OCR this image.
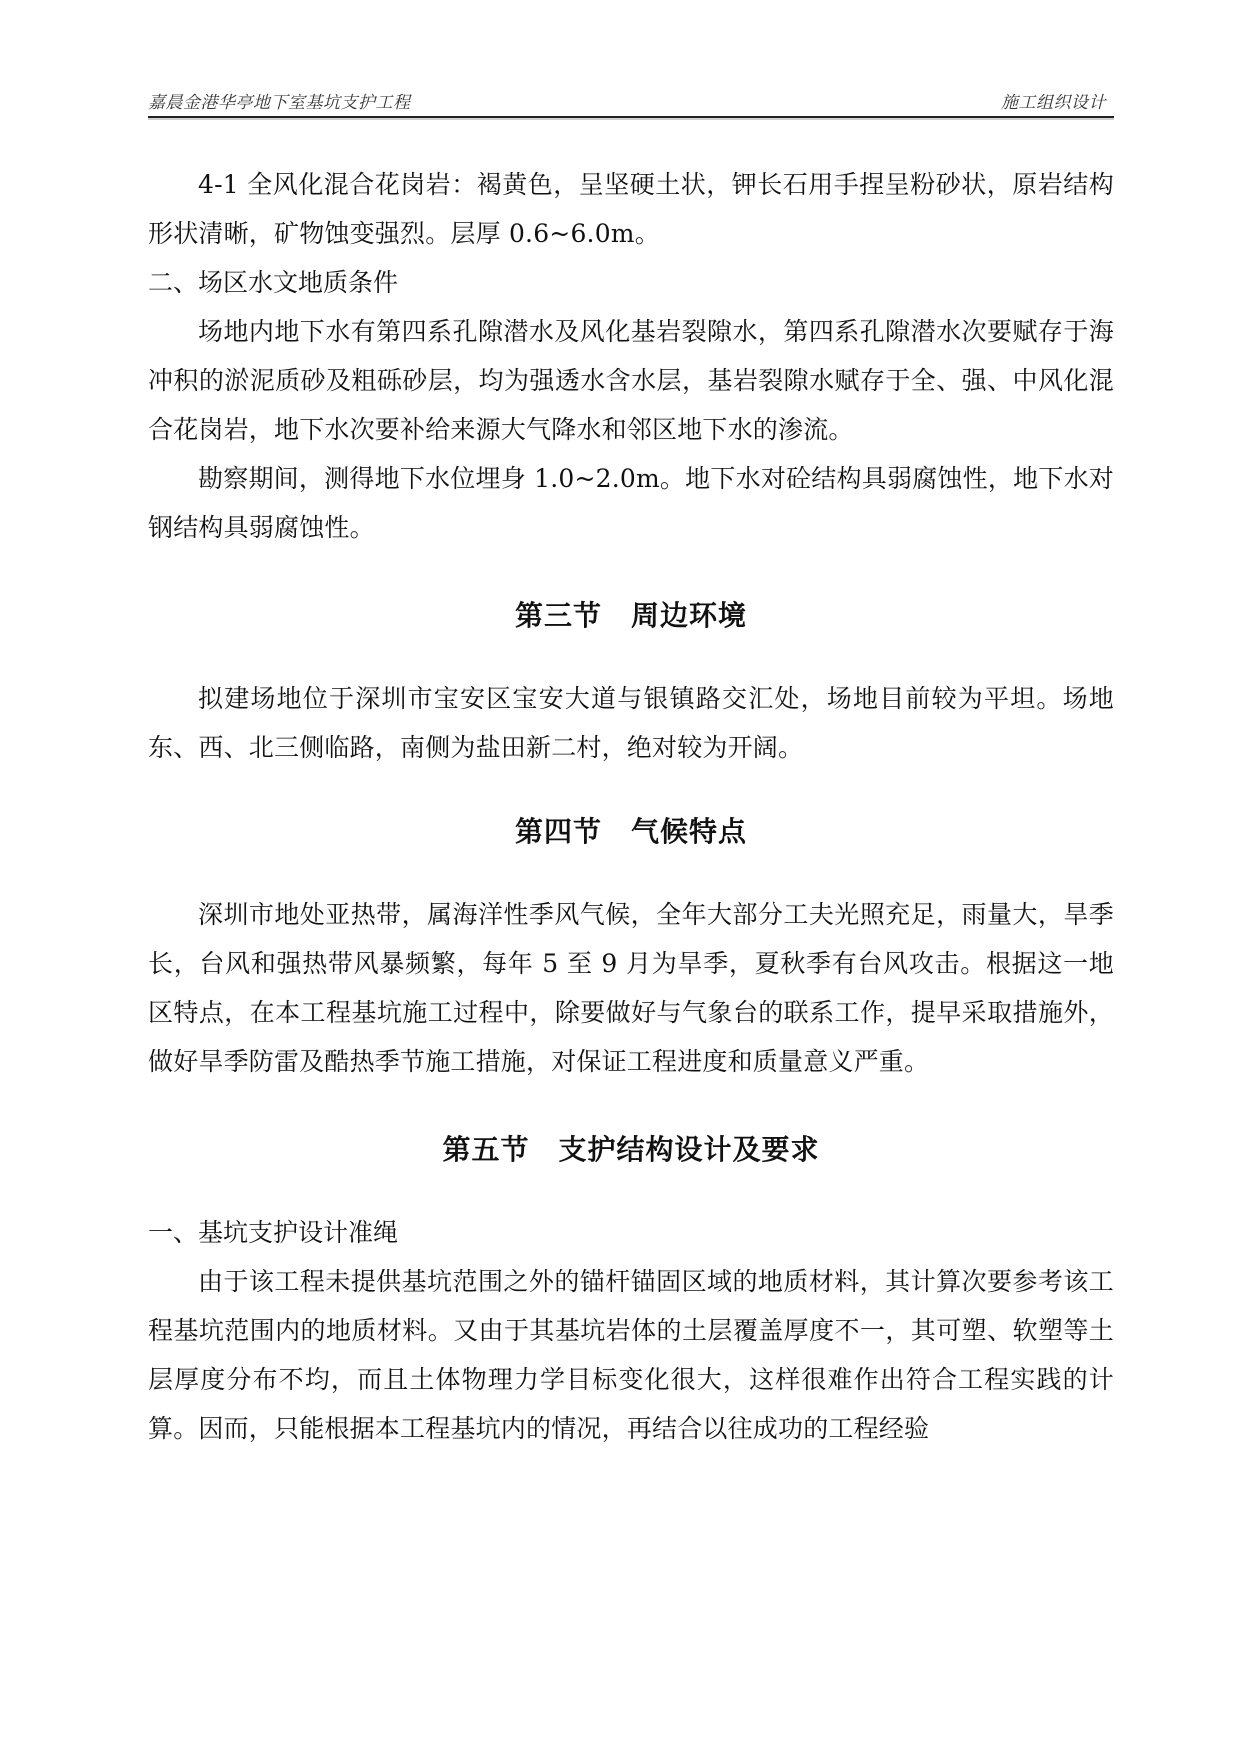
嘉晨金港华亭地下室基坑支护工程	施工组织设计

4-1 全风化混合花岗岩：褐黄色，呈坚硬土状，钾长石用手捏呈粉砂状，原岩结构形状清晰，矿物蚀变强烈。层厚 0.6~6.0m。

二、场区水文地质条件

场地内地下水有第四系孔隙潜水及风化基岩裂隙水，第四系孔隙潜水次要赋存于海冲积的淤泥质砂及粗砾砂层，均为强透水含水层，基岩裂隙水赋存于全、强、中风化混合花岗岩，地下水次要补给来源大气降水和邻区地下水的渗流。

勘察期间，测得地下水位埋身 1.0~2.0m。地下水对砼结构具弱腐蚀性，地下水对钢结构具弱腐蚀性。

第三节　周边环境

拟建场地位于深圳市宝安区宝安大道与银镇路交汇处，场地目前较为平坦。场地东、西、北三侧临路，南侧为盐田新二村，绝对较为开阔。

第四节　气候特点

深圳市地处亚热带，属海洋性季风气候，全年大部分工夫光照充足，雨量大，旱季长，台风和强热带风暴频繁，每年 5 至 9 月为旱季，夏秋季有台风攻击。根据这一地区特点，在本工程基坑施工过程中，除要做好与气象台的联系工作，提早采取措施外，做好旱季防雷及酷热季节施工措施，对保证工程进度和质量意义严重。

第五节　支护结构设计及要求

一、基坑支护设计准绳

由于该工程未提供基坑范围之外的锚杆锚固区域的地质材料，其计算次要参考该工程基坑范围内的地质材料。又由于其基坑岩体的土层覆盖厚度不一，其可塑、软塑等土层厚度分布不均，而且土体物理力学目标变化很大，这样很难作出符合工程实践的计算。因而，只能根据本工程基坑内的情况，再结合以往成功的工程经验
